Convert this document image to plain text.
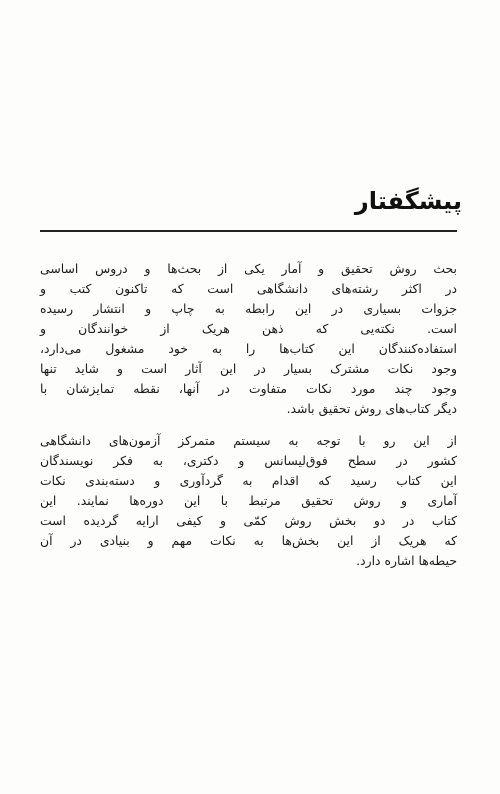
پیشگفتار

بحث روش تحقیق و آمار یکی از بحث‌ها و دروس اساسی
در اکثر رشته‌های دانشگاهی است که تاکنون کتب و
جزوات بسیاری در این رابطه به چاپ و انتشار رسیده
است. نکته‌یی که ذهن هریک از خوانندگان و
استفاده‌کنندگان این کتاب‌ها را به خود مشغول می‌دارد،
وجود نکات مشترک بسیار در این آثار است و شاید تنها
وجود چند مورد نکات متفاوت در آنها، نقطه تمایزشان با
دیگر کتاب‌های روش تحقیق باشد.

از این رو با توجه به سیستم متمرکز آزمون‌های دانشگاهی
کشور در سطح فوق‌لیسانس و دکتری، به فکر نویسندگان
این کتاب رسید که اقدام به گردآوری و دسته‌بندی نکات
آماری و روش تحقیق مرتبط با این دوره‌ها نمایند. این
کتاب در دو بخش روش کمّی و کیفی ارایه گردیده است
که هریک از این بخش‌ها به نکات مهم و بنیادی در آن
حیطه‌ها اشاره دارد.
